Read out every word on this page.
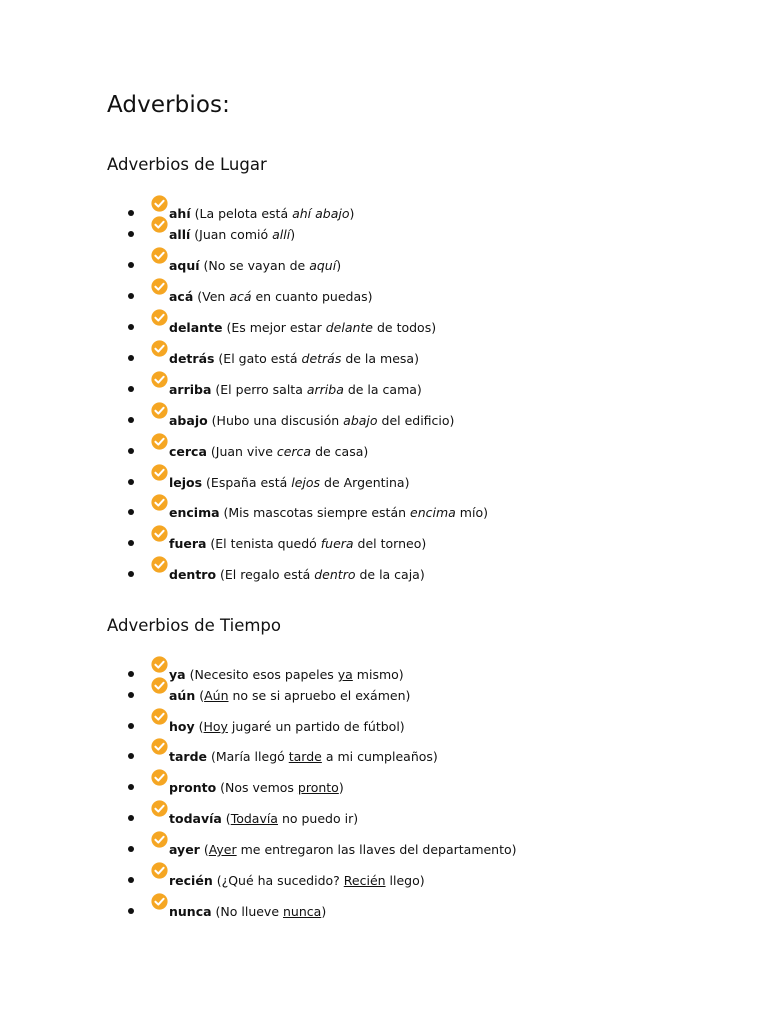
Adverbios:
Adverbios de Lugar
ahí (La pelota está ahí abajo)
allí (Juan comió allí)
aquí (No se vayan de aquí)
acá (Ven acá en cuanto puedas)
delante (Es mejor estar delante de todos)
detrás (El gato está detrás de la mesa)
arriba (El perro salta arriba de la cama)
abajo (Hubo una discusión abajo del edificio)
cerca (Juan vive cerca de casa)
lejos (España está lejos de Argentina)
encima (Mis mascotas siempre están encima mío)
fuera (El tenista quedó fuera del torneo)
dentro (El regalo está dentro de la caja)
Adverbios de Tiempo
ya (Necesito esos papeles ya mismo)
aún (Aún no se si apruebo el exámen)
hoy (Hoy jugaré un partido de fútbol)
tarde (María llegó tarde a mi cumpleaños)
pronto (Nos vemos pronto)
todavía (Todavía no puedo ir)
ayer (Ayer me entregaron las llaves del departamento)
recién (¿Qué ha sucedido? Recién llego)
nunca (No llueve nunca)
